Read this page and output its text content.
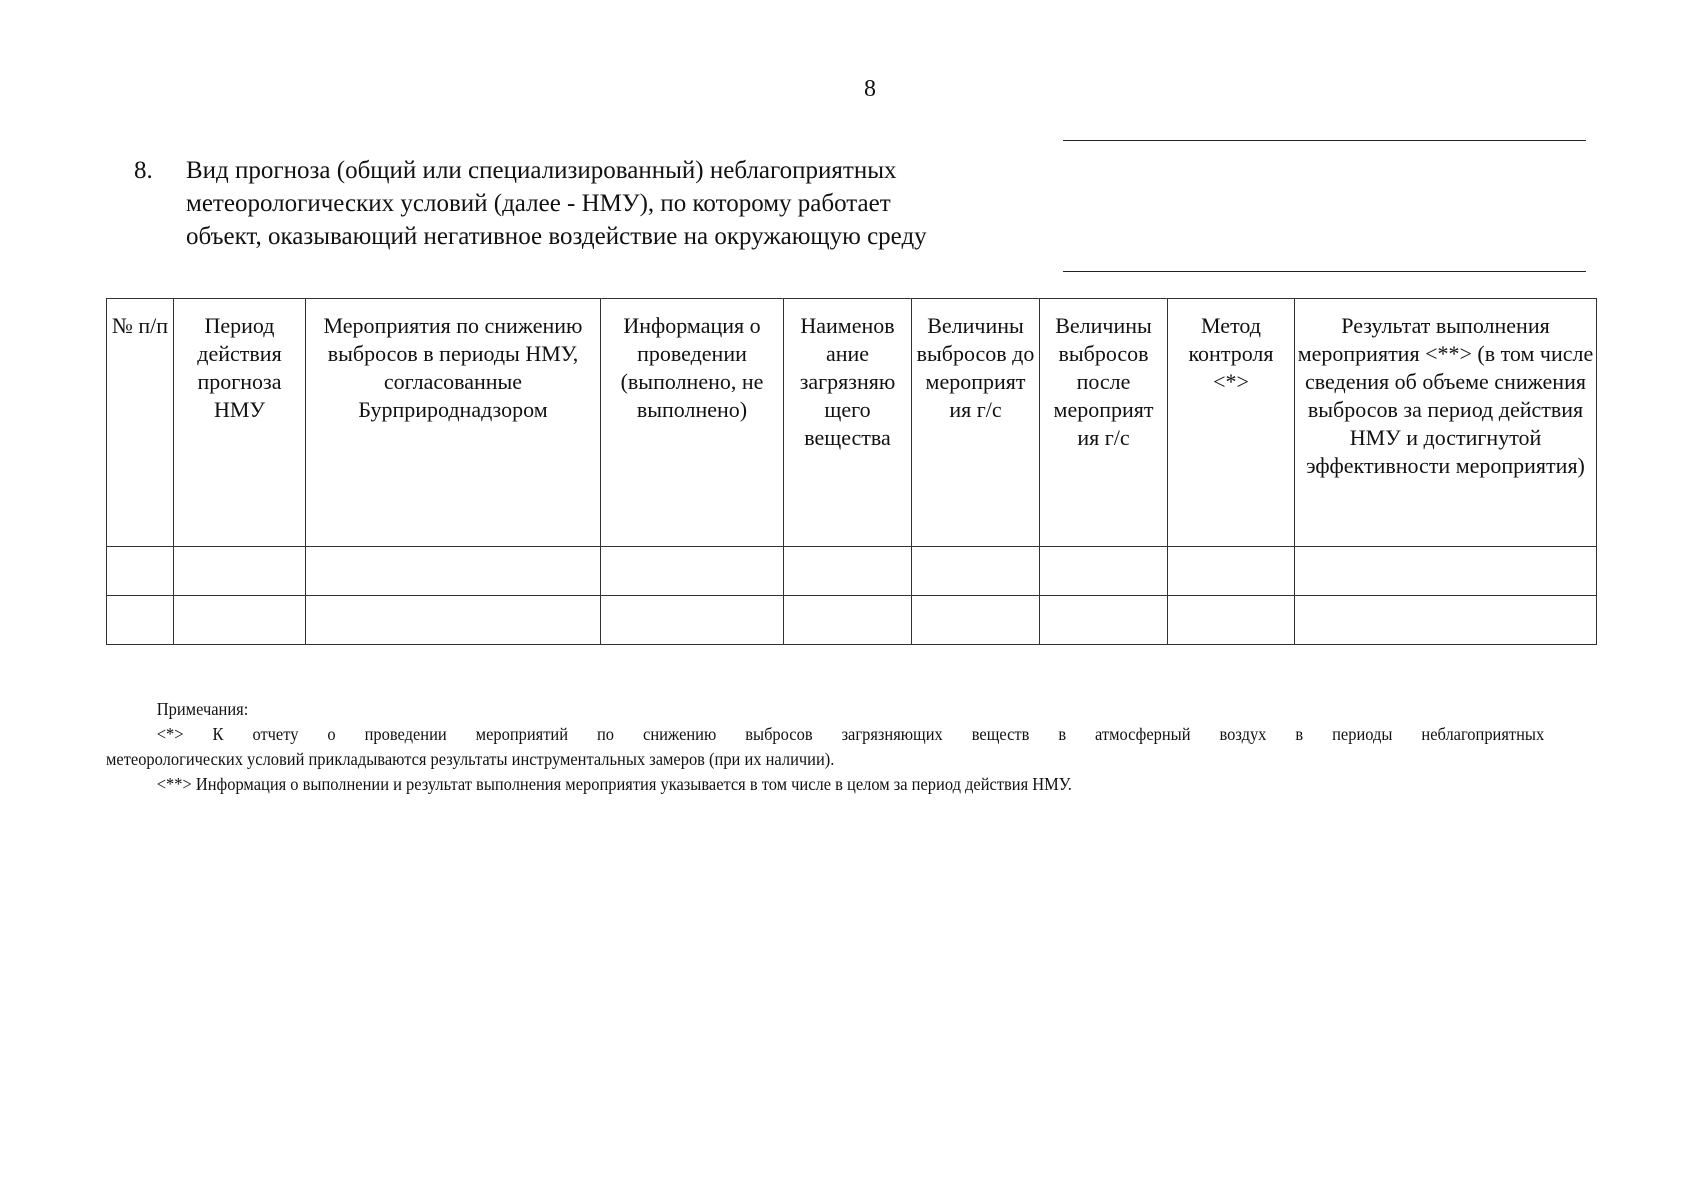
8
8. Вид прогноза (общий или специализированный) неблагоприятных
метеорологических условий (далее - НМУ), по которому работает
объект, оказывающий негативное воздействие на окружающую среду
№ п/п	Период действия прогноза НМУ	Мероприятия по снижению выбросов в периоды НМУ, согласованные Бурприроднадзором	Информация о проведении (выполнено, не выполнено)	Наименов ание загрязняю щего вещества	Величины выбросов до мероприят ия г/с	Величины выбросов после мероприят ия г/с	Метод контроля <*>	Результат выполнения мероприятия <**> (в том числе сведения об объеме снижения выбросов за период действия НМУ и достигнутой эффективности мероприятия)

Примечания:

<*> К отчету о проведении мероприятий по снижению выбросов загрязняющих веществ в атмосферный воздух в периоды неблагоприятных

метеорологических условий прикладываются результаты инструментальных замеров (при их наличии).

<**> Информация о выполнении и результат выполнения мероприятия указывается в том числе в целом за период действия НМУ.
